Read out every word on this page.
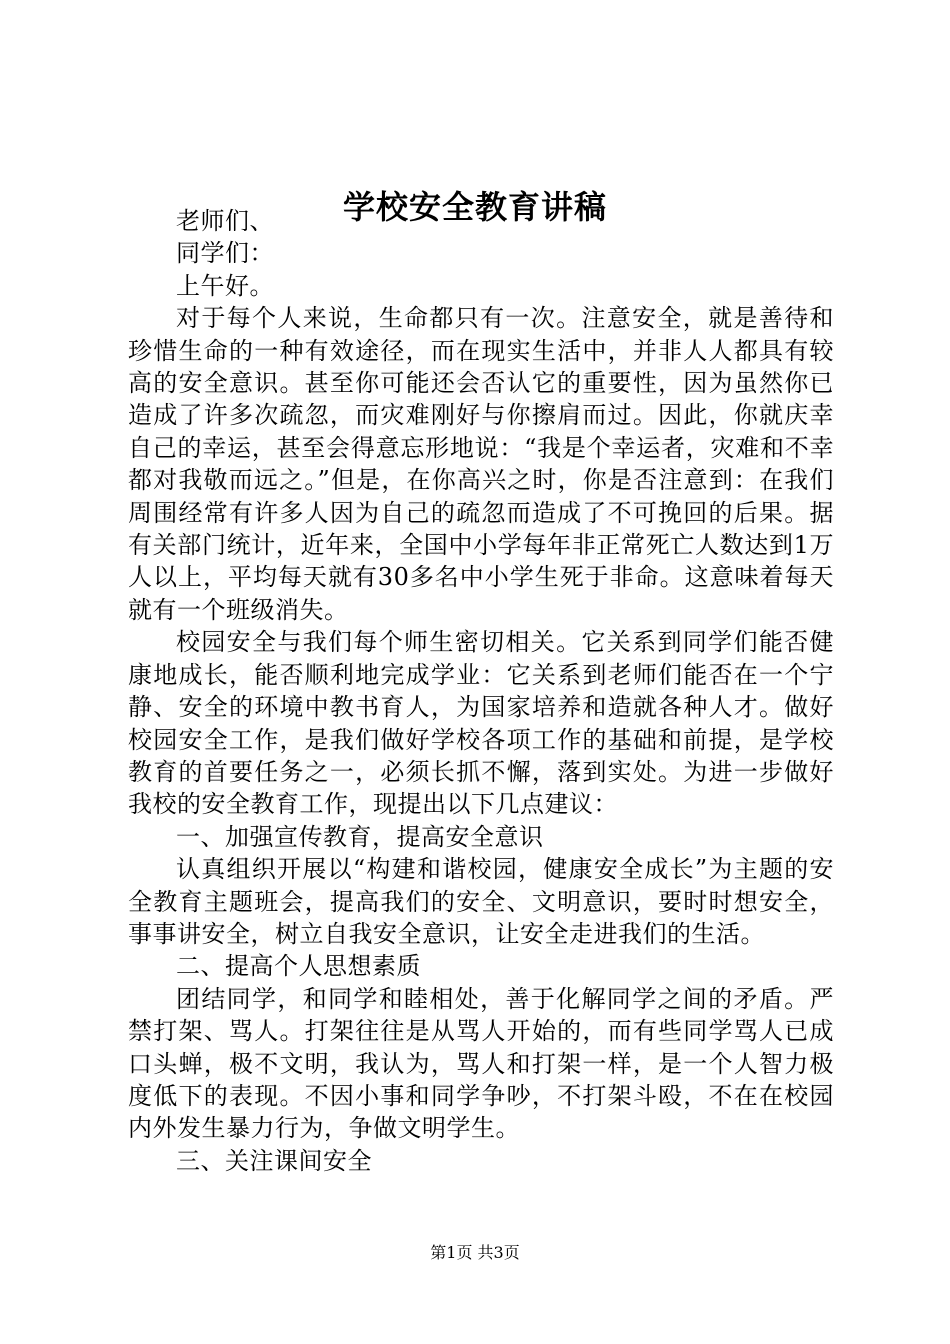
学校安全教育讲稿

老师们、

同学们：

上午好。

对于每个人来说，生命都只有一次。注意安全，就是善待和珍惜生命的一种有效途径，而在现实生活中，并非人人都具有较高的安全意识。甚至你可能还会否认它的重要性，因为虽然你已造成了许多次疏忽，而灾难刚好与你擦肩而过。因此，你就庆幸自己的幸运，甚至会得意忘形地说：“我是个幸运者，灾难和不幸都对我敬而远之。”但是，在你高兴之时，你是否注意到：在我们周围经常有许多人因为自己的疏忽而造成了不可挽回的后果。据有关部门统计，近年来，全国中小学每年非正常死亡人数达到1万人以上，平均每天就有30多名中小学生死于非命。这意味着每天就有一个班级消失。

校园安全与我们每个师生密切相关。它关系到同学们能否健康地成长，能否顺利地完成学业：它关系到老师们能否在一个宁静、安全的环境中教书育人，为国家培养和造就各种人才。做好校园安全工作，是我们做好学校各项工作的基础和前提，是学校教育的首要任务之一，必须长抓不懈，落到实处。为进一步做好我校的安全教育工作，现提出以下几点建议：

一、加强宣传教育，提高安全意识

认真组织开展以“构建和谐校园，健康安全成长”为主题的安全教育主题班会，提高我们的安全、文明意识，要时时想安全，事事讲安全，树立自我安全意识，让安全走进我们的生活。

二、提高个人思想素质

团结同学，和同学和睦相处，善于化解同学之间的矛盾。严禁打架、骂人。打架往往是从骂人开始的，而有些同学骂人已成口头蝉，极不文明，我认为，骂人和打架一样，是一个人智力极度低下的表现。不因小事和同学争吵，不打架斗殴，不在在校园内外发生暴力行为，争做文明学生。

三、关注课间安全

第1页 共3页
